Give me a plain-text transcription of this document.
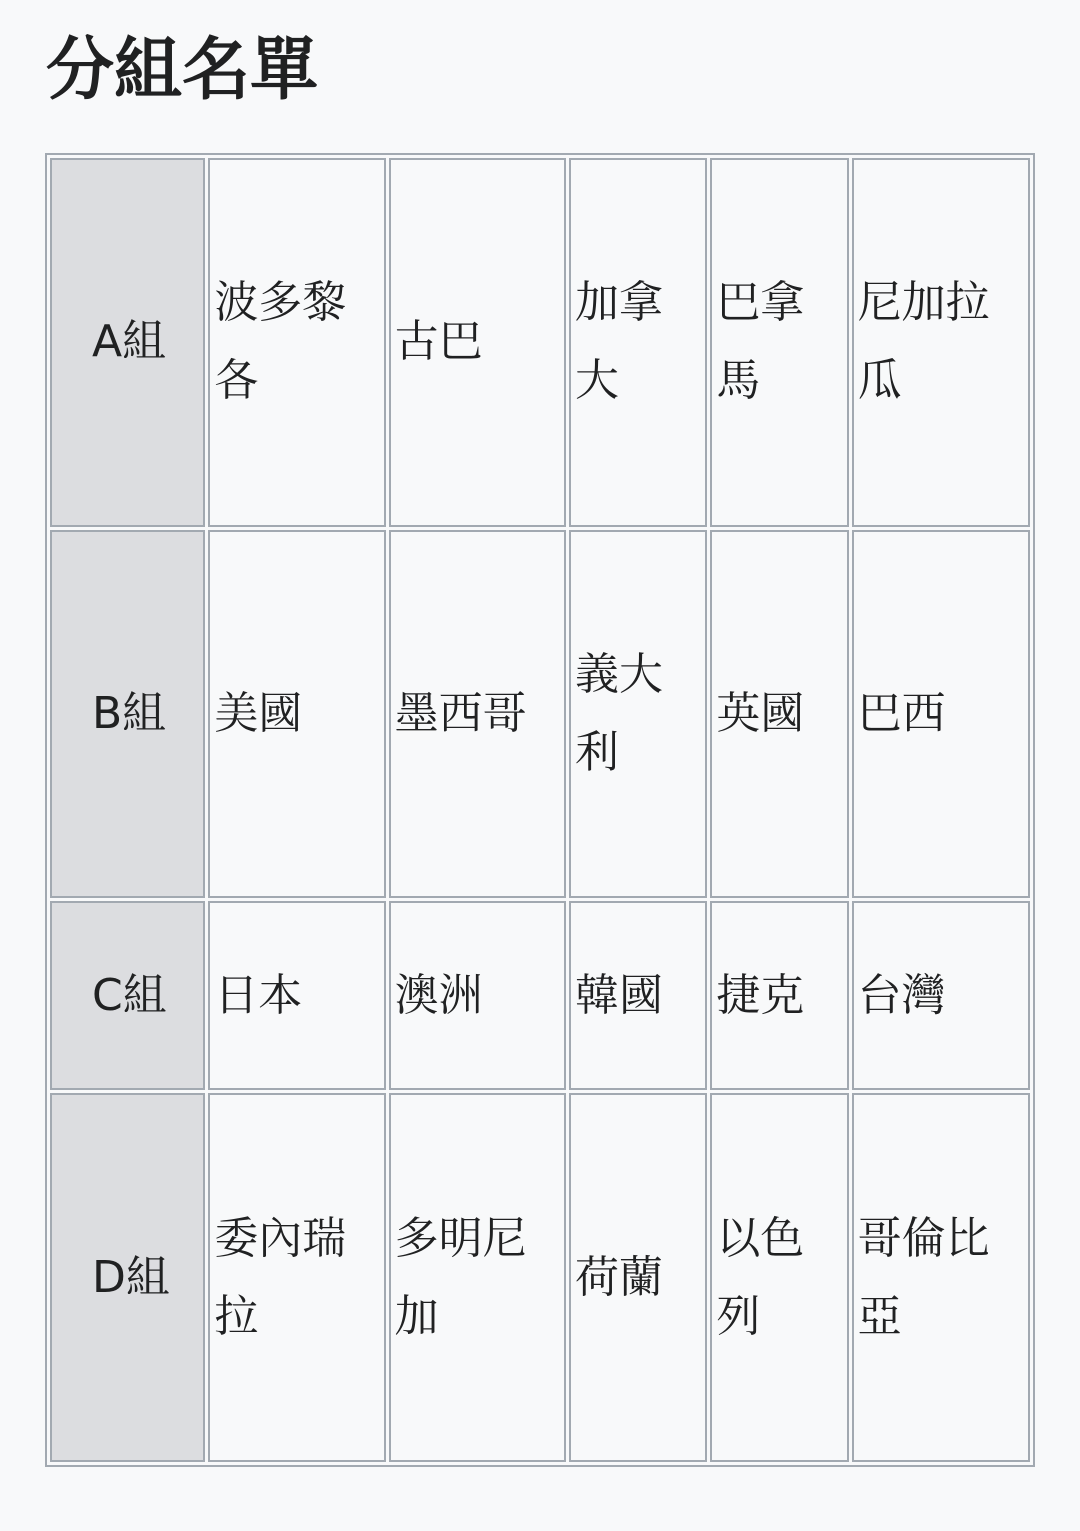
分組名單
A組	波多黎各	古巴	加拿大	巴拿馬	尼加拉瓜
B組	美國	墨西哥	義大利	英國	巴西
C組	日本	澳洲	韓國	捷克	台灣
D組	委內瑞拉	多明尼加	荷蘭	以色列	哥倫比亞
